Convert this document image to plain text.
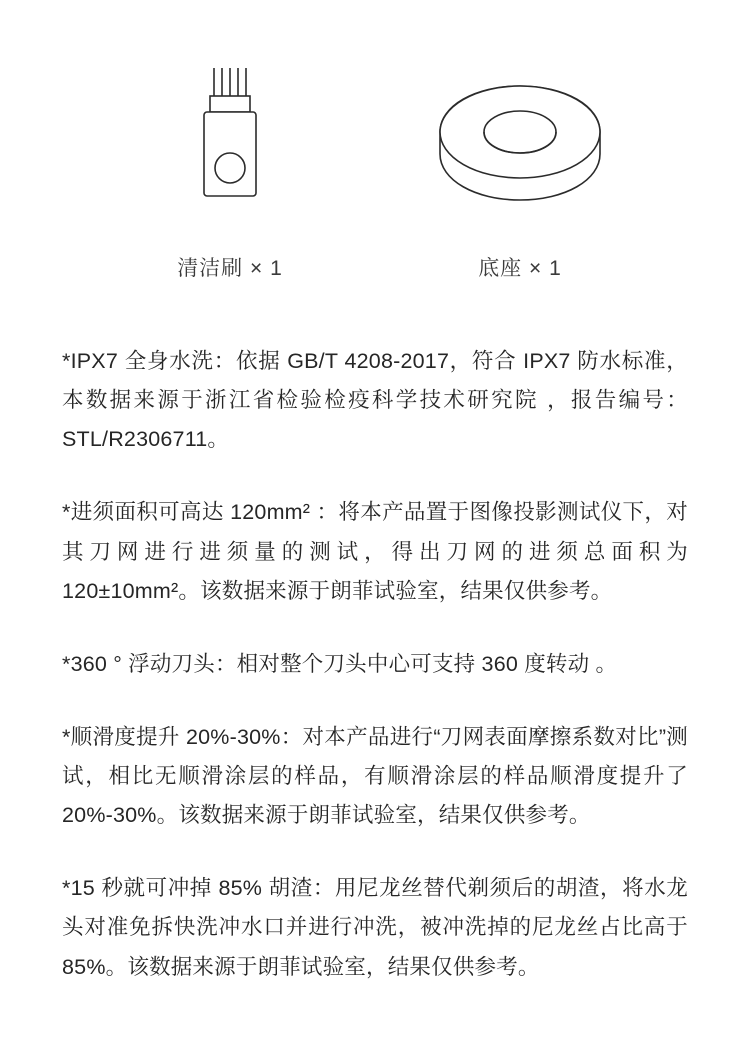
清洁刷 × 1	底座 × 1

*IPX7 全身水洗：依据 GB/T 4208-2017，符合 IPX7 防水标准，本数据来源于浙江省检验检疫科学技术研究院 ，报告编号：STL/R2306711。

*进须面积可高达 120mm² ：将本产品置于图像投影测试仪下，对其刀网进行进须量的测试，得出刀网的进须总面积为 120±10mm²。该数据来源于朗菲试验室，结果仅供参考。

*360 ° 浮动刀头：相对整个刀头中心可支持 360 度转动 。

*顺滑度提升 20%-30%：对本产品进行“刀网表面摩擦系数对比”测试，相比无顺滑涂层的样品，有顺滑涂层的样品顺滑度提升了 20%-30%。该数据来源于朗菲试验室，结果仅供参考。

*15 秒就可冲掉 85% 胡渣：用尼龙丝替代剃须后的胡渣，将水龙头对准免拆快洗冲水口并进行冲洗，被冲洗掉的尼龙丝占比高于 85%。该数据来源于朗菲试验室，结果仅供参考。
